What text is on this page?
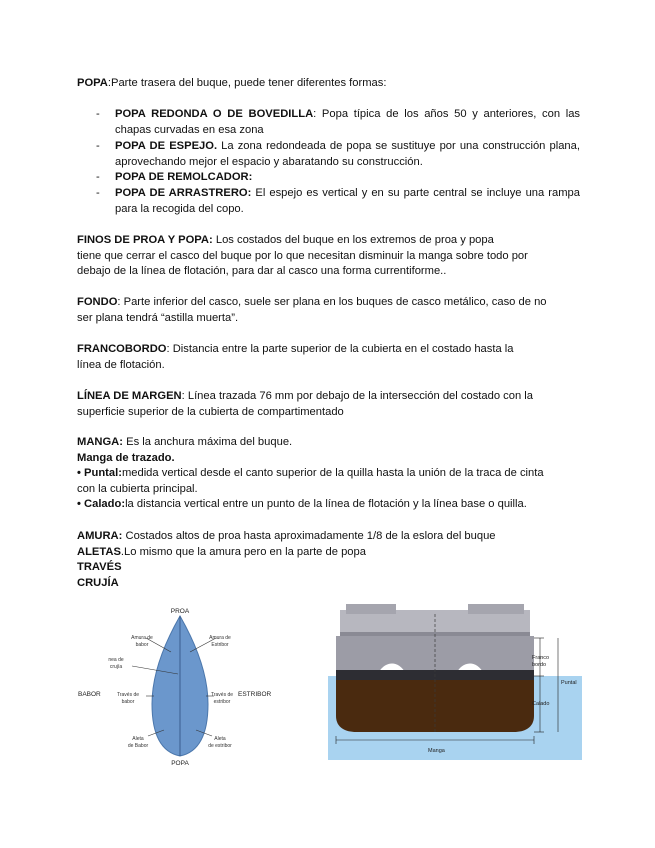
POPA:Parte trasera del buque, puede tener diferentes formas:
-	POPA REDONDA O DE BOVEDILLA: Popa típica de los años 50 y anteriores, con las chapas curvadas en esa zona
-	POPA DE ESPEJO. La zona redondeada de popa se sustituye por una construcción plana, aprovechando mejor el espacio y abaratando su construcción.
-	POPA DE REMOLCADOR:
-	POPA DE ARRASTRERO: El espejo es vertical y en su parte central se incluye una rampa para la recogida del copo.
FINOS DE PROA Y POPA: Los costados del buque en los extremos de proa y popa
tiene que cerrar el casco del buque por lo que necesitan disminuir la manga sobre todo por
debajo de la línea de flotación, para dar al casco una forma currentiforme..
FONDO: Parte inferior del casco, suele ser plana en los buques de casco metálico, caso de no
ser plana tendrá “astilla muerta”.
FRANCOBORDO: Distancia entre la parte superior de la cubierta en el costado hasta la
línea de flotación.
LÍNEA DE MARGEN: Línea trazada 76 mm por debajo de la intersección del costado con la
superficie superior de la cubierta de compartimentado
MANGA: Es la anchura máxima del buque.
Manga de trazado.
• Puntal:medida vertical desde el canto superior de la quilla hasta la unión de la traca de cinta
con la cubierta principal.
• Calado:la distancia vertical entre un punto de la línea de flotación y la línea base o quilla.
AMURA: Costados altos de proa hasta aproximadamente 1/8 de la eslora del buque
ALETAS.Lo mismo que la amura pero en la parte de popa
TRAVÉS
CRUJÍA
PROA
POPA
BABOR	ESTRIBOR
Amura de
babor
Amura de
Estribor
nea de
crujía
Través de
babor
Través de
estribor
Aleta
de Babor
Aleta
de estribor
Franco
bordo
Puntal
Calado
Manga
